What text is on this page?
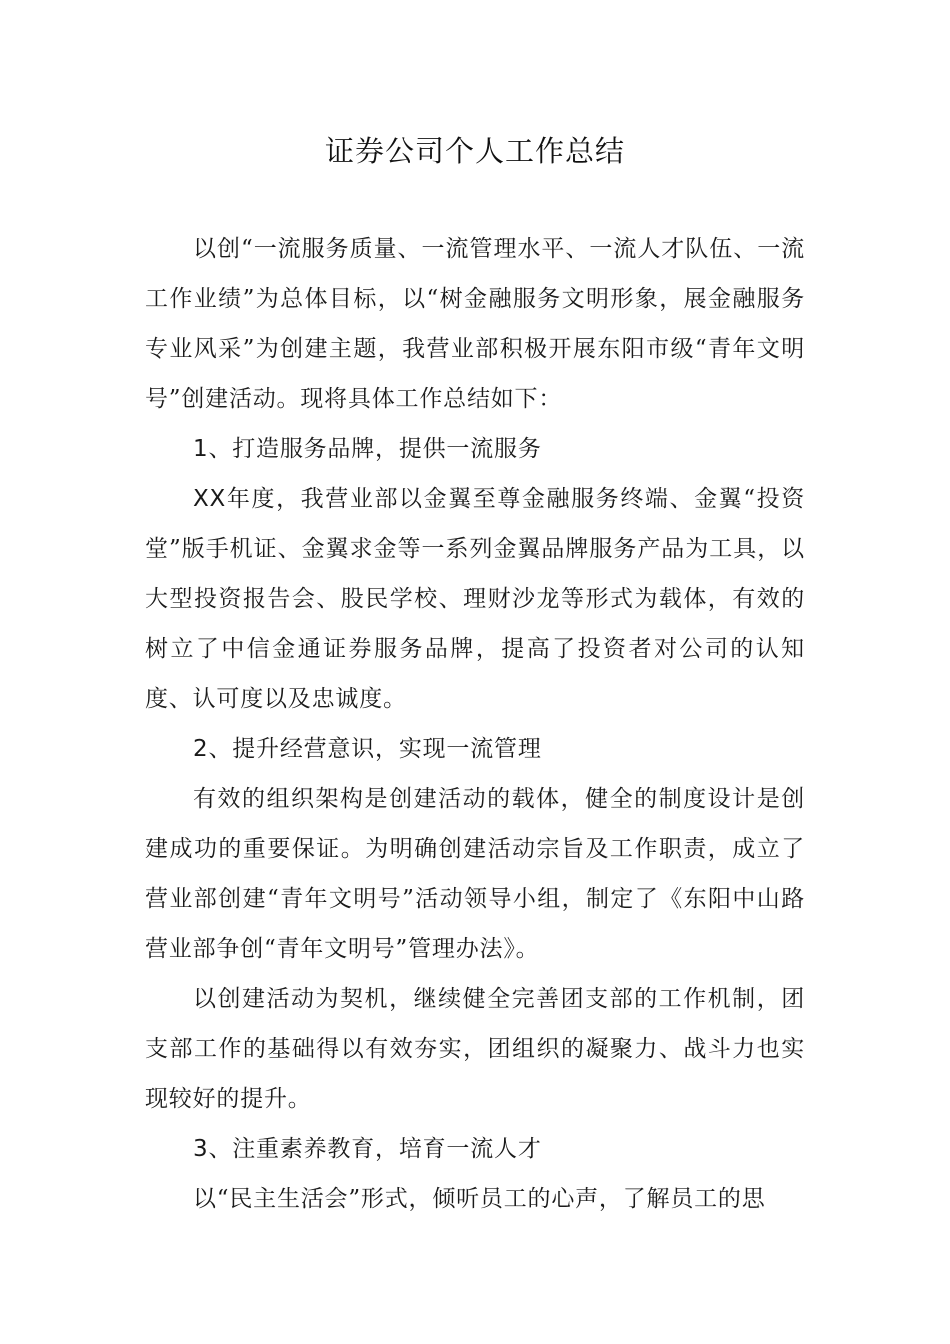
证券公司个人工作总结

以创“一流服务质量、一流管理水平、一流人才队伍、一流工作业绩”为总体目标，以“树金融服务文明形象，展金融服务专业风采”为创建主题，我营业部积极开展东阳市级“青年文明号”创建活动。现将具体工作总结如下：

1、打造服务品牌，提供一流服务

XX年度，我营业部以金翼至尊金融服务终端、金翼“投资堂”版手机证、金翼求金等一系列金翼品牌服务产品为工具，以大型投资报告会、股民学校、理财沙龙等形式为载体，有效的树立了中信金通证券服务品牌，提高了投资者对公司的认知度、认可度以及忠诚度。

2、提升经营意识，实现一流管理

有效的组织架构是创建活动的载体，健全的制度设计是创建成功的重要保证。为明确创建活动宗旨及工作职责，成立了营业部创建“青年文明号”活动领导小组，制定了《东阳中山路营业部争创“青年文明号”管理办法》。

以创建活动为契机，继续健全完善团支部的工作机制，团支部工作的基础得以有效夯实，团组织的凝聚力、战斗力也实现较好的提升。

3、注重素养教育，培育一流人才

以“民主生活会”形式，倾听员工的心声，了解员工的思
